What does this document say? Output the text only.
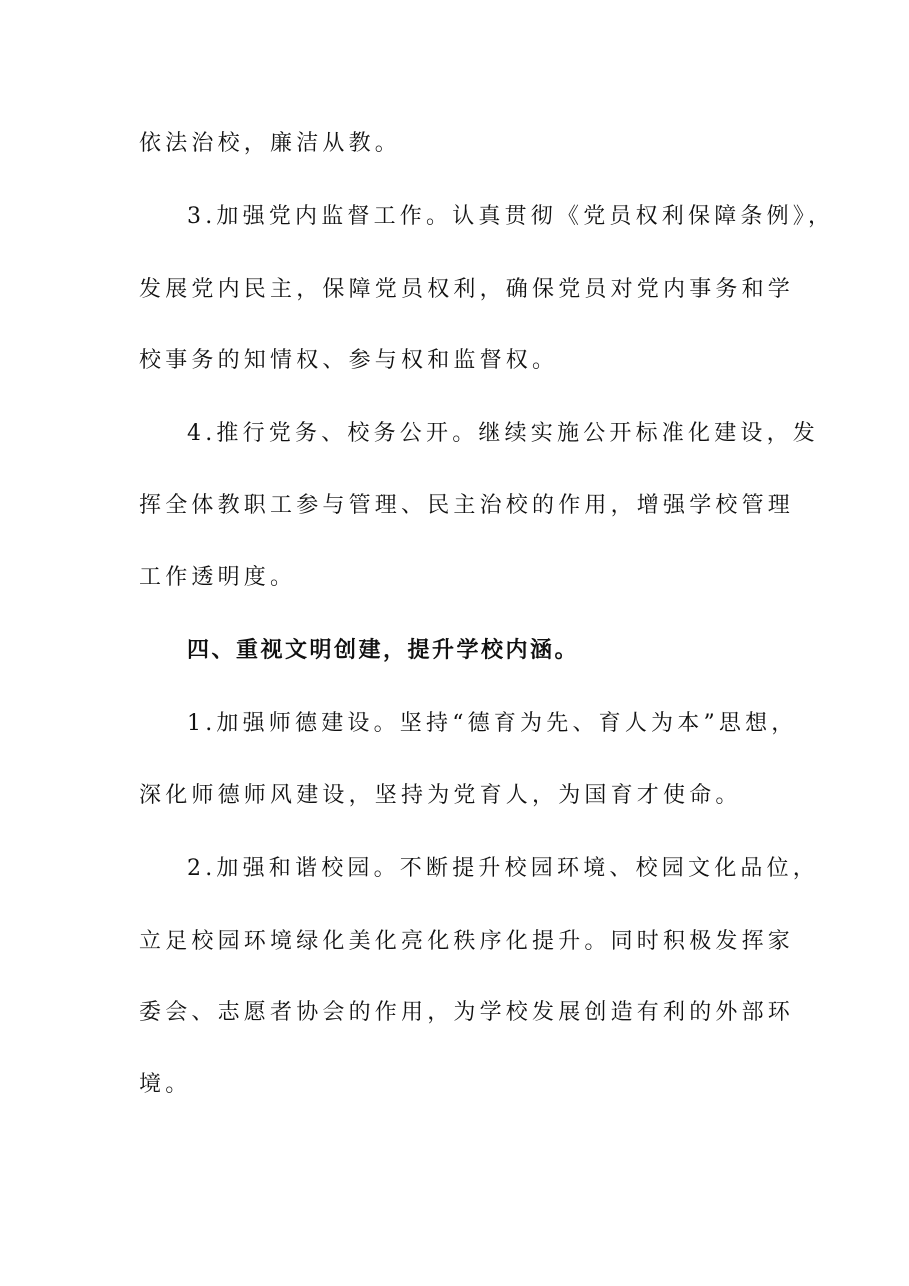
依法治校，廉洁从教。
3.加强党内监督工作。认真贯彻《党员权利保障条例》，
发展党内民主，保障党员权利，确保党员对党内事务和学
校事务的知情权、参与权和监督权。
4.推行党务、校务公开。继续实施公开标准化建设，发
挥全体教职工参与管理、民主治校的作用，增强学校管理
工作透明度。
四、重视文明创建，提升学校内涵。
1.加强师德建设。坚持“德育为先、育人为本”思想，
深化师德师风建设，坚持为党育人，为国育才使命。
2.加强和谐校园。不断提升校园环境、校园文化品位，
立足校园环境绿化美化亮化秩序化提升。同时积极发挥家
委会、志愿者协会的作用，为学校发展创造有利的外部环
境。
